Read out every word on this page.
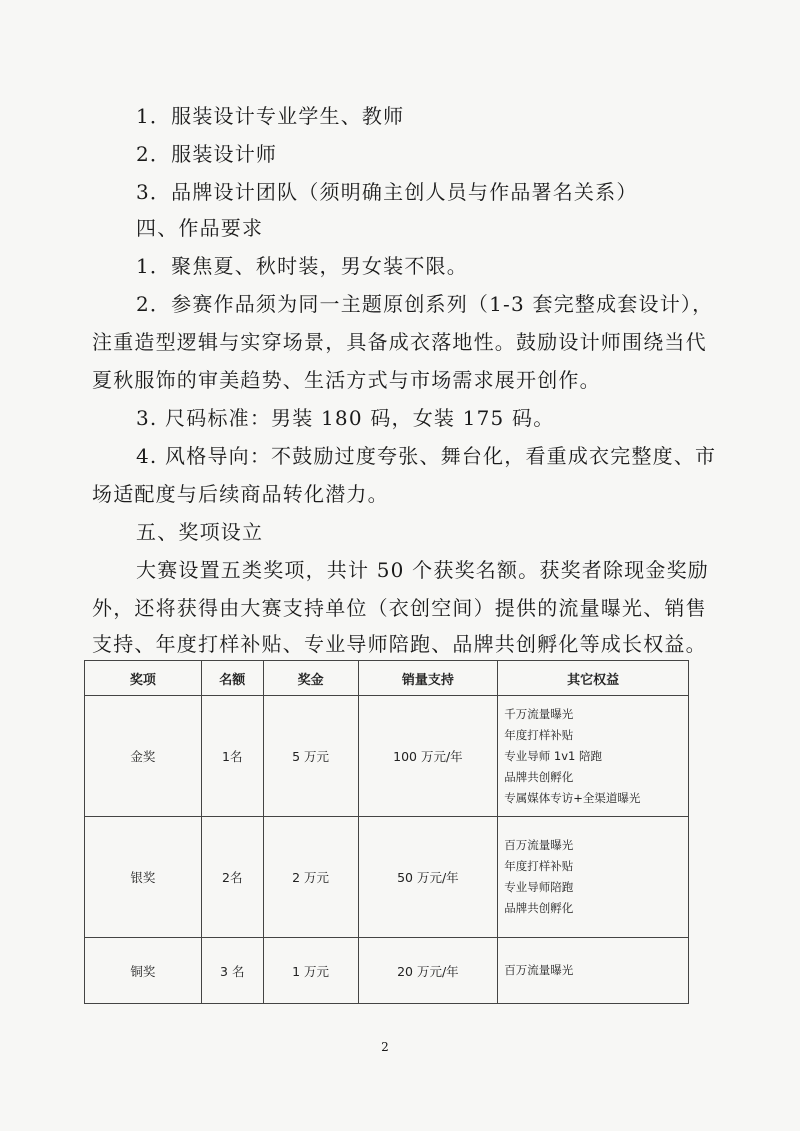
1．服装设计专业学生、教师
2．服装设计师
3．品牌设计团队（须明确主创人员与作品署名关系）
四、作品要求
1．聚焦夏、秋时装，男女装不限。
2．参赛作品须为同一主题原创系列（1-3 套完整成套设计），
注重造型逻辑与实穿场景，具备成衣落地性。鼓励设计师围绕当代
夏秋服饰的审美趋势、生活方式与市场需求展开创作。
3. 尺码标准：男装 180 码，女装 175 码。
4. 风格导向：不鼓励过度夸张、舞台化，看重成衣完整度、市
场适配度与后续商品转化潜力。
五、奖项设立
大赛设置五类奖项，共计 50 个获奖名额。获奖者除现金奖励
外，还将获得由大赛支持单位（衣创空间）提供的流量曝光、销售
支持、年度打样补贴、专业导师陪跑、品牌共创孵化等成长权益。
奖项	名额	奖金	销量支持	其它权益
金奖	1名	5 万元	100 万元/年	千万流量曝光
年度打样补贴
专业导师 1v1 陪跑
品牌共创孵化
专属媒体专访+全渠道曝光

银奖	2名	2 万元	50 万元/年	百万流量曝光
年度打样补贴
专业导师陪跑
品牌共创孵化

铜奖	3 名	1 万元	20 万元/年	百万流量曝光
2
